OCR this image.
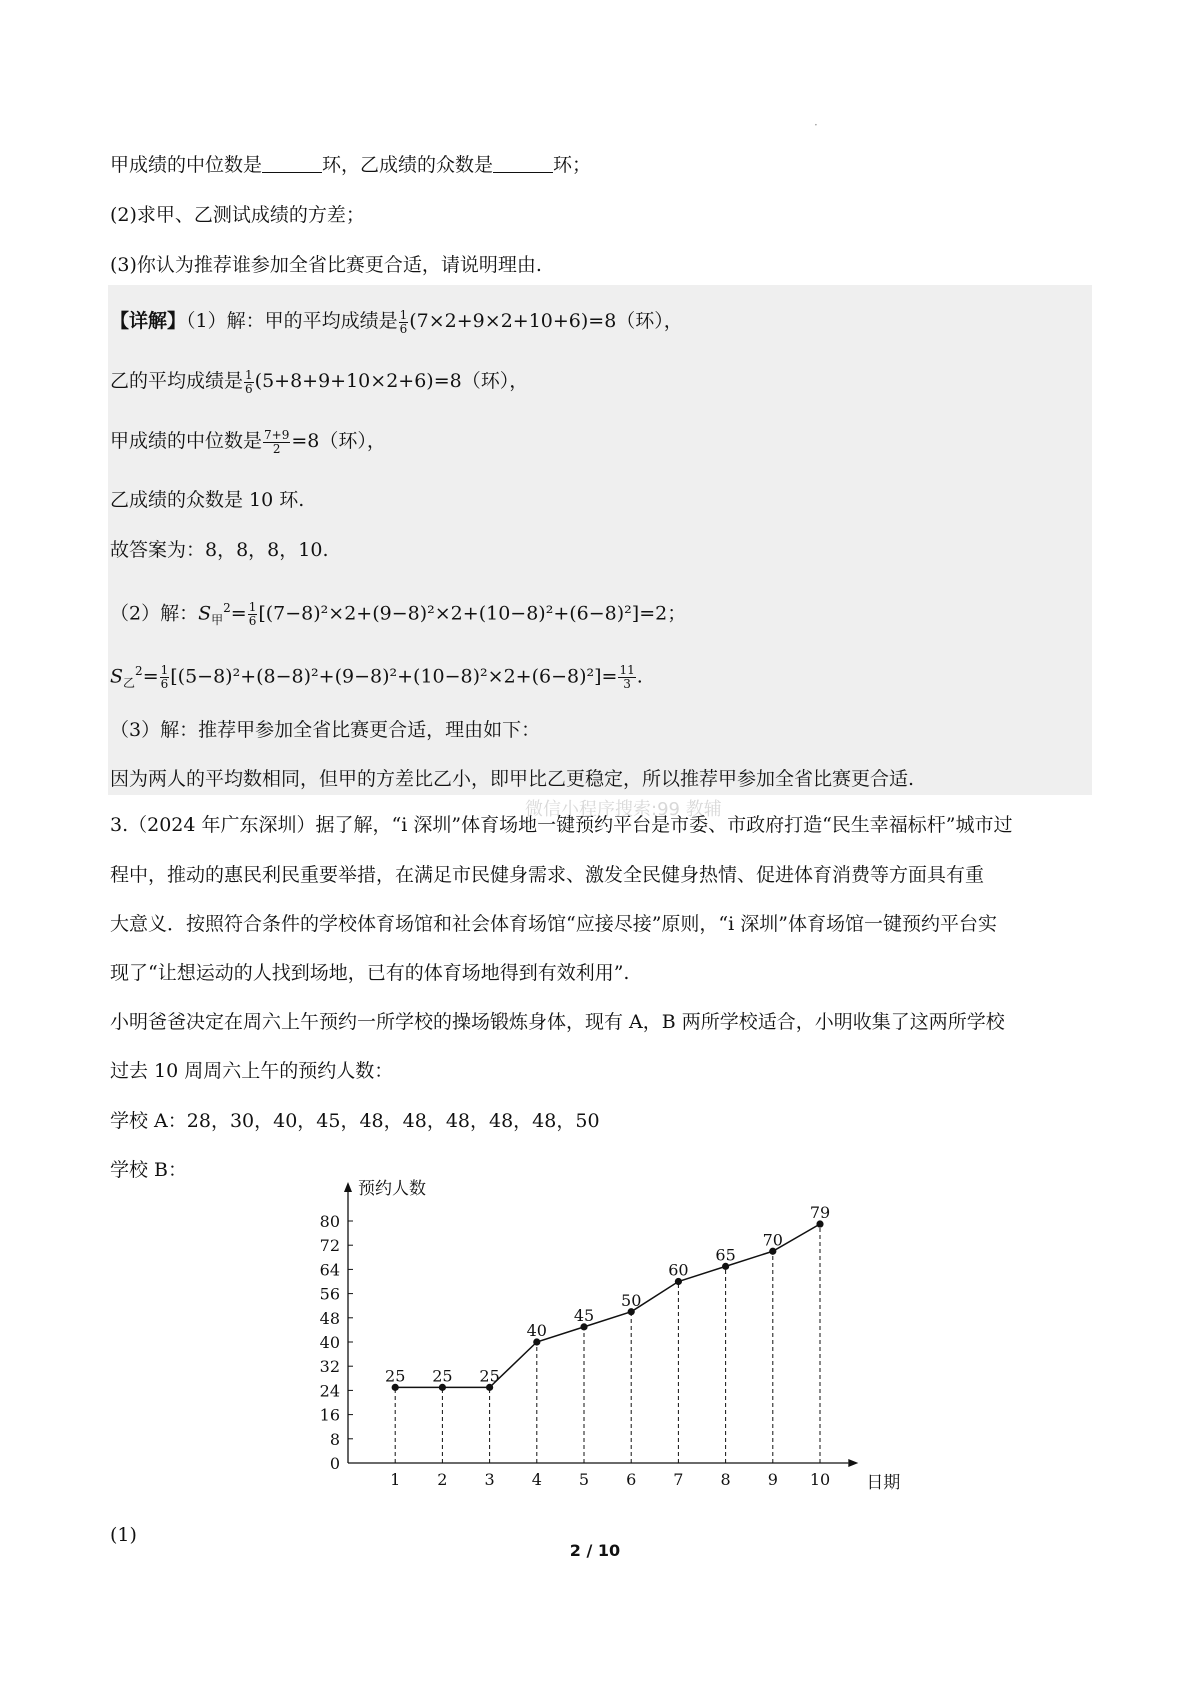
·
甲成绩的中位数是	环，乙成绩的众数是	环；
(2)求甲、乙测试成绩的方差；
(3)你认为推荐谁参加全省比赛更合适，请说明理由.
【详解】（1）解：甲的平均成绩是 $\frac{1}{6} (7\times 2+9\times 2+10+6)=8$（环），
乙的平均成绩是 $\frac{1}{6} (5+8+9+10\times 2+6)=8$（环），
甲成绩的中位数是 $\frac{7+9}{2} =8$（环），
乙成绩的众数是 10 环.
故答案为：8，8，8，10.
（2）解：$S_甲^2= \frac{1}{6} [(7-8)^2\times 2+(9-8)^2\times 2+(10-8)^2+(6-8)^2]=2$；
$S_乙^2= \frac{1}{6} [(5-8)^2+(8-8)^2+(9-8)^2+(10-8)^2\times 2+(6-8)^2]= \frac{11}{3}$ .
（3）解：推荐甲参加全省比赛更合适，理由如下：
因为两人的平均数相同，但甲的方差比乙小，即甲比乙更稳定，所以推荐甲参加全省比赛更合适.
微信小程序搜索:99 教辅
3.（2024 年广东深圳）据了解，“i 深圳”体育场地一键预约平台是市委、市政府打造“民生幸福标杆”城市过
程中，推动的惠民利民重要举措，在满足市民健身需求、激发全民健身热情、促进体育消费等方面具有重
大意义．按照符合条件的学校体育场馆和社会体育场馆“应接尽接”原则，“i 深圳”体育场馆一键预约平台实
现了“让想运动的人找到场地，已有的体育场地得到有效利用”.
小明爸爸决定在周六上午预约一所学校的操场锻炼身体，现有 A，B 两所学校适合，小明收集了这两所学校
过去 10 周周六上午的预约人数：
学校 A：28，30，40，45，48，48，48，48，48，50
学校 B：
预约人数
日期
0
8
16
24
32
40
48
56
64
72
80
1 2 3 4 5 6 7 8 9 10
25 25 25
40
45
50
60
65
70
79
(1)
2 / 10
